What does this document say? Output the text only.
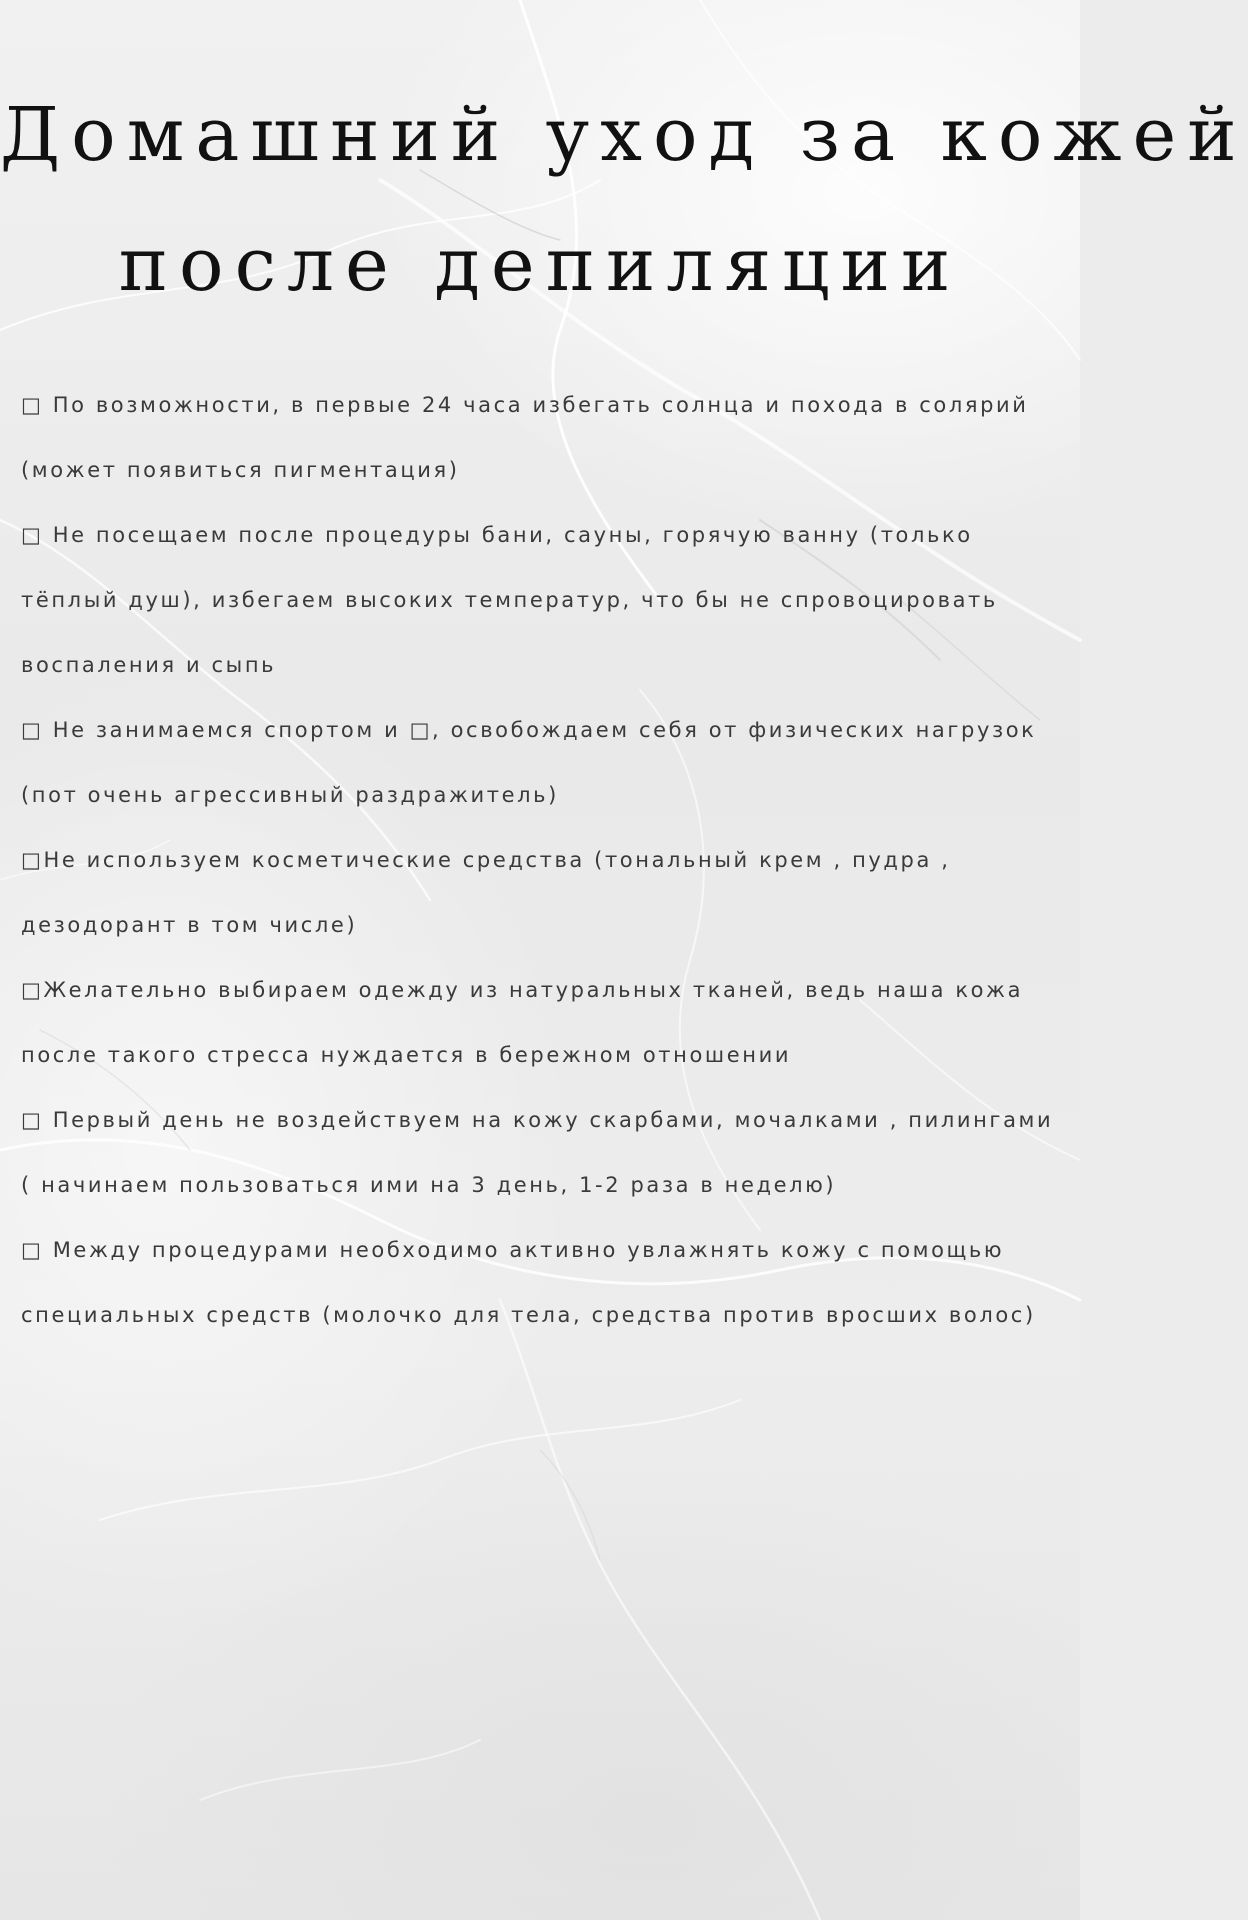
Домашний уход за кожей
после депиляции
□ По возможности, в первые 24 часа избегать солнца и похода в солярий (может появиться пигментация)
□ Не посещаем после процедуры бани, сауны, горячую ванну (только тёплый душ), избегаем высоких температур, что бы не спровоцировать воспаления и сыпь
□ Не занимаемся спортом и □, освобождаем себя от физических нагрузок (пот очень агрессивный раздражитель)
□Не используем косметические средства (тональный крем , пудра , дезодорант в том числе)
□Желательно выбираем одежду из натуральных тканей, ведь наша кожа после такого стресса нуждается в бережном отношении
□ Первый день не воздействуем на кожу скарбами, мочалками , пилингами ( начинаем пользоваться ими на 3 день, 1-2 раза в неделю)
□ Между процедурами необходимо активно увлажнять кожу с помощью специальных средств (молочко для тела, средства против вросших волос)
